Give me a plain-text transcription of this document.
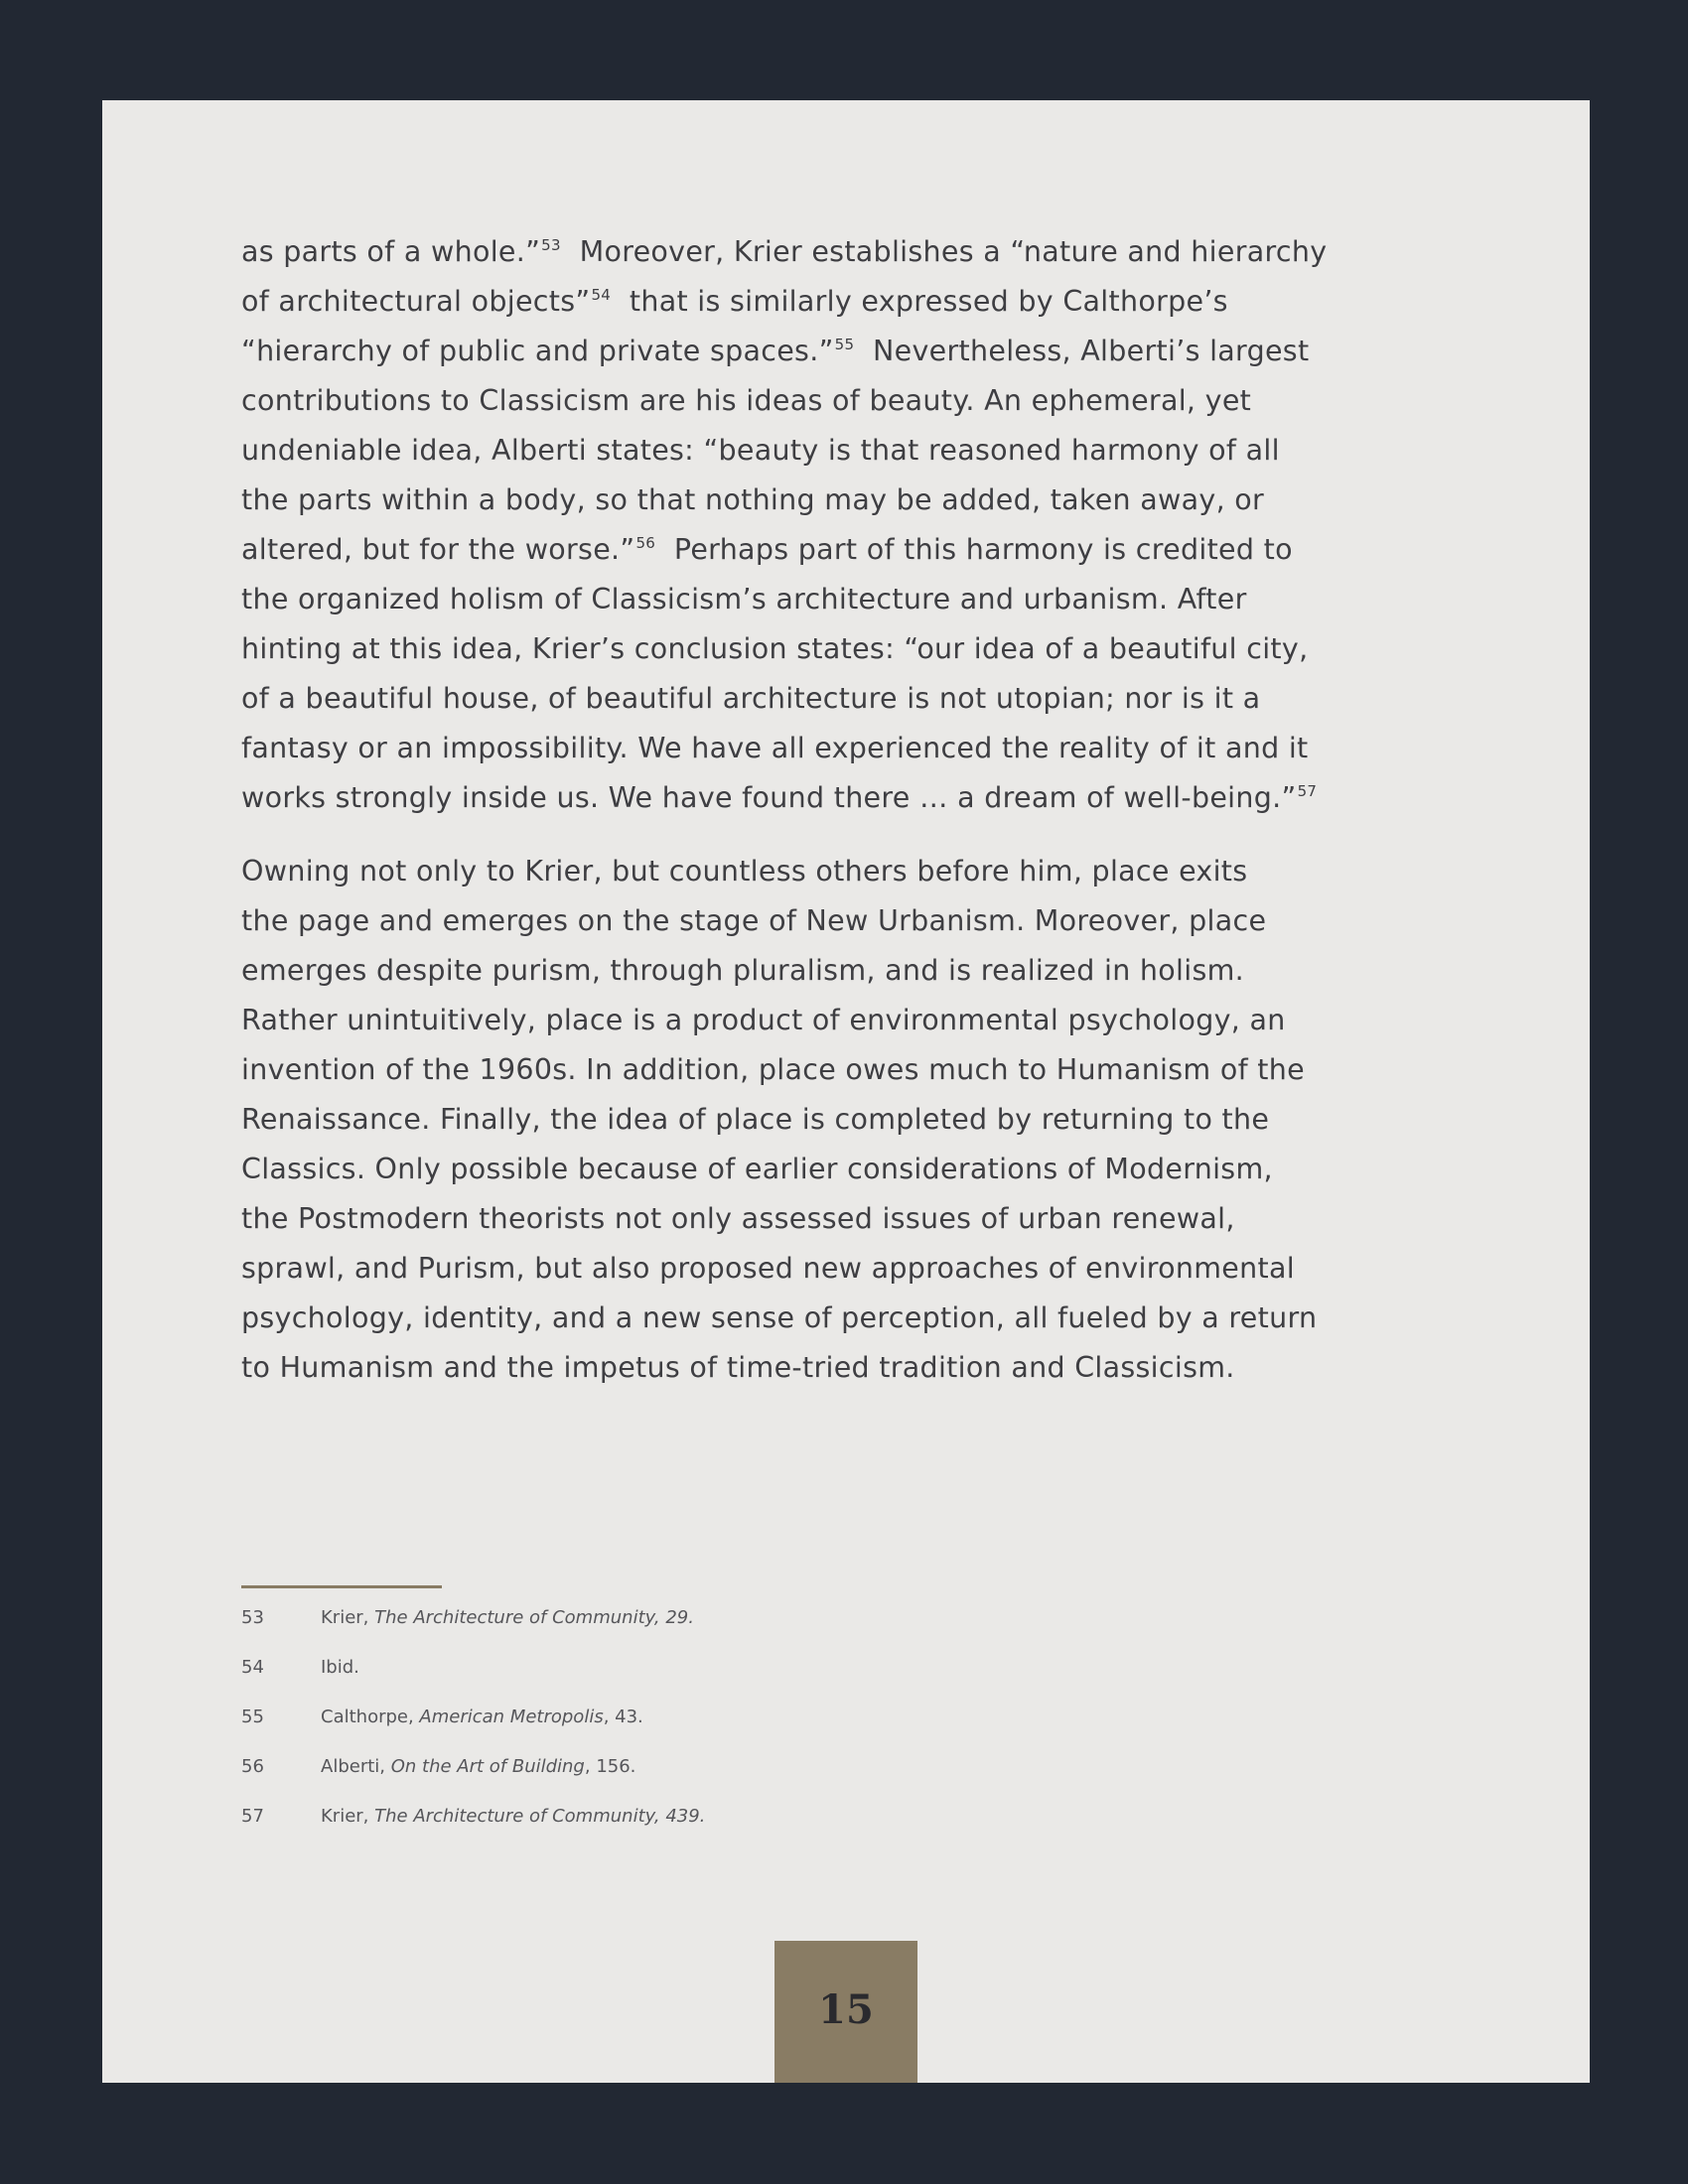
as parts of a whole.”$^{53}$  Moreover, Krier establishes a “nature and hierarchy
of architectural objects”$^{54}$  that is similarly expressed by Calthorpe’s
“hierarchy of public and private spaces.”$^{55}$  Nevertheless, Alberti’s largest
contributions to Classicism are his ideas of beauty. An ephemeral, yet
undeniable idea, Alberti states: “beauty is that reasoned harmony of all
the parts within a body, so that nothing may be added, taken away, or
altered, but for the worse.”$^{56}$  Perhaps part of this harmony is credited to
the organized holism of Classicism’s architecture and urbanism. After
hinting at this idea, Krier’s conclusion states: “our idea of a beautiful city,
of a beautiful house, of beautiful architecture is not utopian; nor is it a
fantasy or an impossibility. We have all experienced the reality of it and it
works strongly inside us. We have found there … a dream of well-being.”$^{57}$

Owning not only to Krier, but countless others before him, place exits
the page and emerges on the stage of New Urbanism. Moreover, place
emerges despite purism, through pluralism, and is realized in holism.
Rather unintuitively, place is a product of environmental psychology, an
invention of the 1960s. In addition, place owes much to Humanism of the
Renaissance. Finally, the idea of place is completed by returning to the
Classics. Only possible because of earlier considerations of Modernism,
the Postmodern theorists not only assessed issues of urban renewal,
sprawl, and Purism, but also proposed new approaches of environmental
psychology, identity, and a new sense of perception, all fueled by a return
to Humanism and the impetus of time-tried tradition and Classicism.

53	Krier, The Architecture of Community, 29.
54	Ibid.
55	Calthorpe, American Metropolis, 43.
56	Alberti, On the Art of Building, 156.
57	Krier, The Architecture of Community, 439.
15
